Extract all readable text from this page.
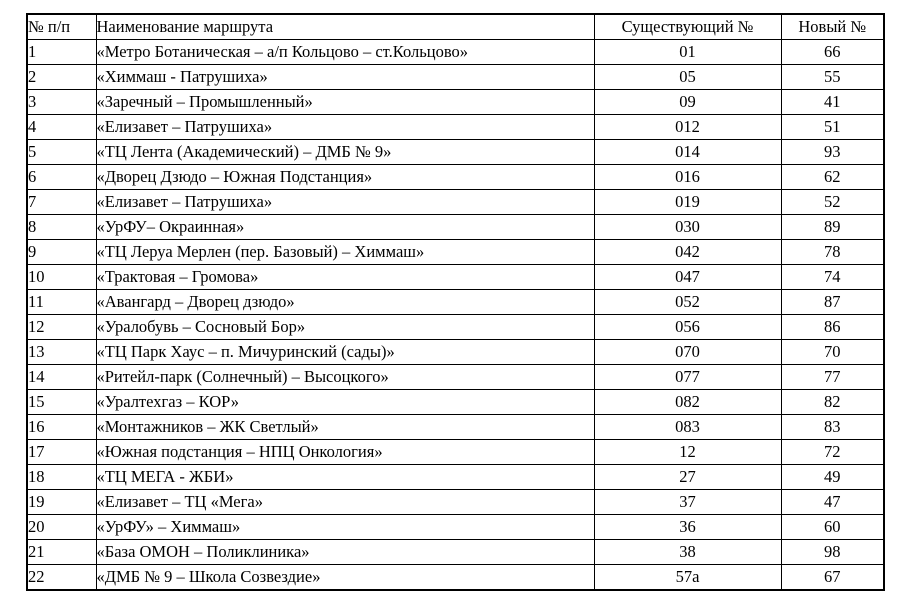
№ п/п	Наименование маршрута	Существующий №	Новый №
1	«Метро Ботаническая – а/п Кольцово – ст.Кольцово»	01	66
2	«Химмаш - Патрушиха»	05	55
3	«Заречный – Промышленный»	09	41
4	«Елизавет – Патрушиха»	012	51
5	«ТЦ Лента (Академический) – ДМБ № 9»	014	93
6	«Дворец Дзюдо – Южная Подстанция»	016	62
7	«Елизавет – Патрушиха»	019	52
8	«УрФУ– Окраинная»	030	89
9	«ТЦ Леруа Мерлен (пер. Базовый) – Химмаш»	042	78
10	«Трактовая – Громова»	047	74
11	«Авангард – Дворец дзюдо»	052	87
12	«Уралобувь – Сосновый Бор»	056	86
13	«ТЦ Парк Хаус – п. Мичуринский (сады)»	070	70
14	«Ритейл-парк (Солнечный) – Высоцкого»	077	77
15	«Уралтехгаз – КОР»	082	82
16	«Монтажников – ЖК Светлый»	083	83
17	«Южная подстанция – НПЦ Онкология»	12	72
18	«ТЦ МЕГА - ЖБИ»	27	49
19	«Елизавет – ТЦ «Мега»	37	47
20	«УрФУ» – Химмаш»	36	60
21	«База ОМОН – Поликлиника»	38	98
22	«ДМБ № 9 – Школа Созвездие»	57а	67
